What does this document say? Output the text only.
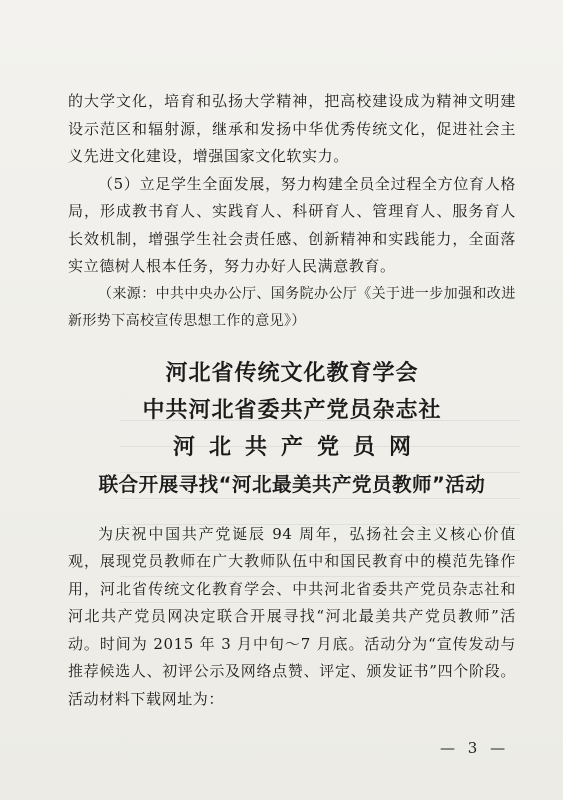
的大学文化，培育和弘扬大学精神，把高校建设成为精神文明建设示范区和辐射源，继承和发扬中华优秀传统文化，促进社会主义先进文化建设，增强国家文化软实力。

（5）立足学生全面发展，努力构建全员全过程全方位育人格局，形成教书育人、实践育人、科研育人、管理育人、服务育人长效机制，增强学生社会责任感、创新精神和实践能力，全面落实立德树人根本任务，努力办好人民满意教育。

（来源：中共中央办公厅、国务院办公厅《关于进一步加强和改进新形势下高校宣传思想工作的意见》）

河北省传统文化教育学会

中共河北省委共产党员杂志社

河北共产党员网

联合开展寻找“河北最美共产党员教师”活动

为庆祝中国共产党诞辰 94 周年，弘扬社会主义核心价值观，展现党员教师在广大教师队伍中和国民教育中的模范先锋作用，河北省传统文化教育学会、中共河北省委共产党员杂志社和河北共产党员网决定联合开展寻找“河北最美共产党员教师”活动。时间为 2015 年 3 月中旬～7 月底。活动分为“宣传发动与推荐候选人、初评公示及网络点赞、评定、颁发证书”四个阶段。活动材料下载网址为：

— 3 —
